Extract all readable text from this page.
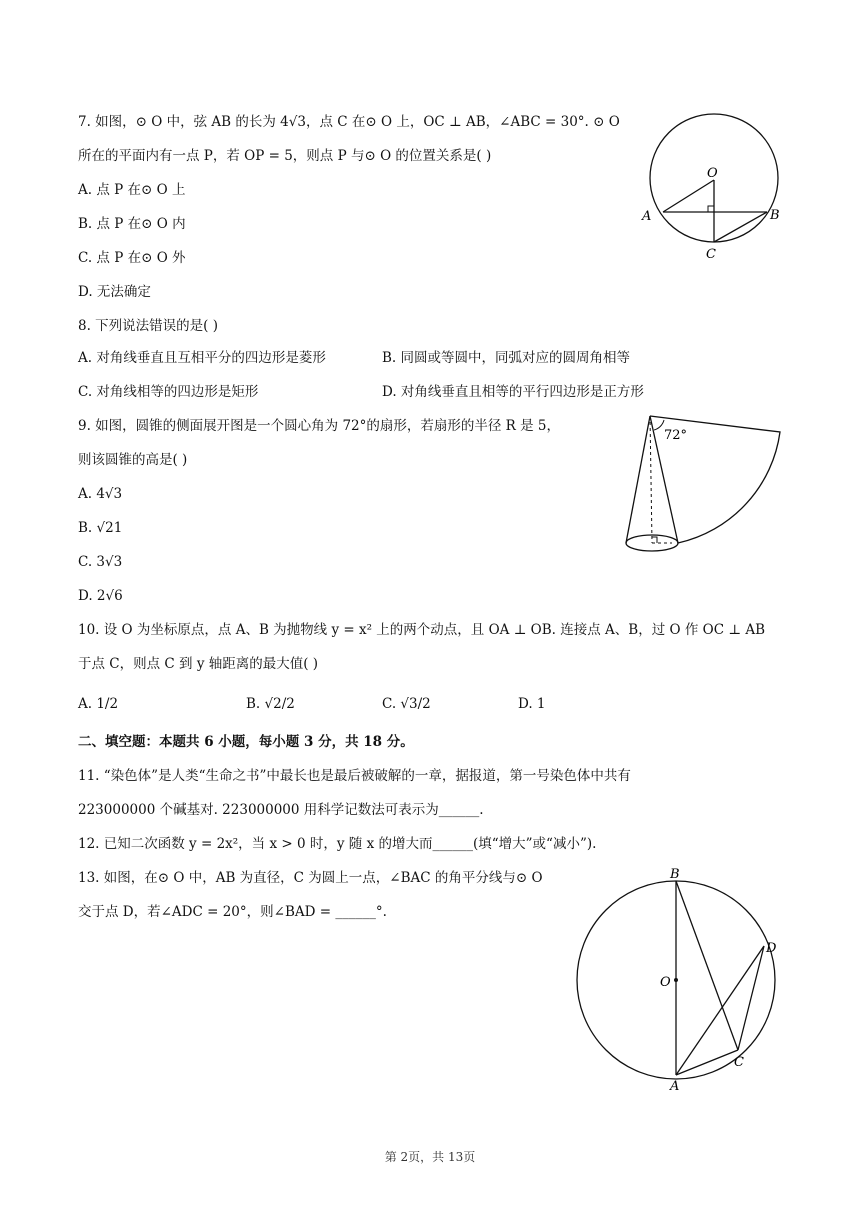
7. 如图，⊙ O 中，弦 AB 的长为 4√3，点 C 在⊙ O 上，OC ⊥ AB，∠ABC = 30°. ⊙ O
所在的平面内有一点 P，若 OP = 5，则点 P 与⊙ O 的位置关系是( )
A. 点 P 在⊙ O 上
B. 点 P 在⊙ O 内
C. 点 P 在⊙ O 外
D. 无法确定
O
A	B
C
8. 下列说法错误的是( )
A. 对角线垂直且互相平分的四边形是菱形	B. 同圆或等圆中，同弧对应的圆周角相等
C. 对角线相等的四边形是矩形	D. 对角线垂直且相等的平行四边形是正方形
9. 如图，圆锥的侧面展开图是一个圆心角为 72°的扇形，若扇形的半径 R 是 5，
则该圆锥的高是( )
A. 4√3
B. √21
C. 3√3
D. 2√6
72°
10. 设 O 为坐标原点，点 A、B 为抛物线 y = x² 上的两个动点，且 OA ⊥ OB. 连接点 A、B，过 O 作 OC ⊥ AB
于点 C，则点 C 到 y 轴距离的最大值( )
A. 1/2	B. √2/2	C. √3/2	D. 1
二、填空题：本题共 6 小题，每小题 3 分，共 18 分。
11. “染色体”是人类“生命之书”中最长也是最后被破解的一章，据报道，第一号染色体中共有
223000000 个碱基对. 223000000 用科学记数法可表示为______.
12. 已知二次函数 y = 2x²，当 x > 0 时，y 随 x 的增大而______(填“增大”或“减小”).
13. 如图，在⊙ O 中，AB 为直径，C 为圆上一点，∠BAC 的角平分线与⊙ O
交于点 D，若∠ADC = 20°，则∠BAD = ______°.
B
O
D
C
A
第 2页，共 13页
